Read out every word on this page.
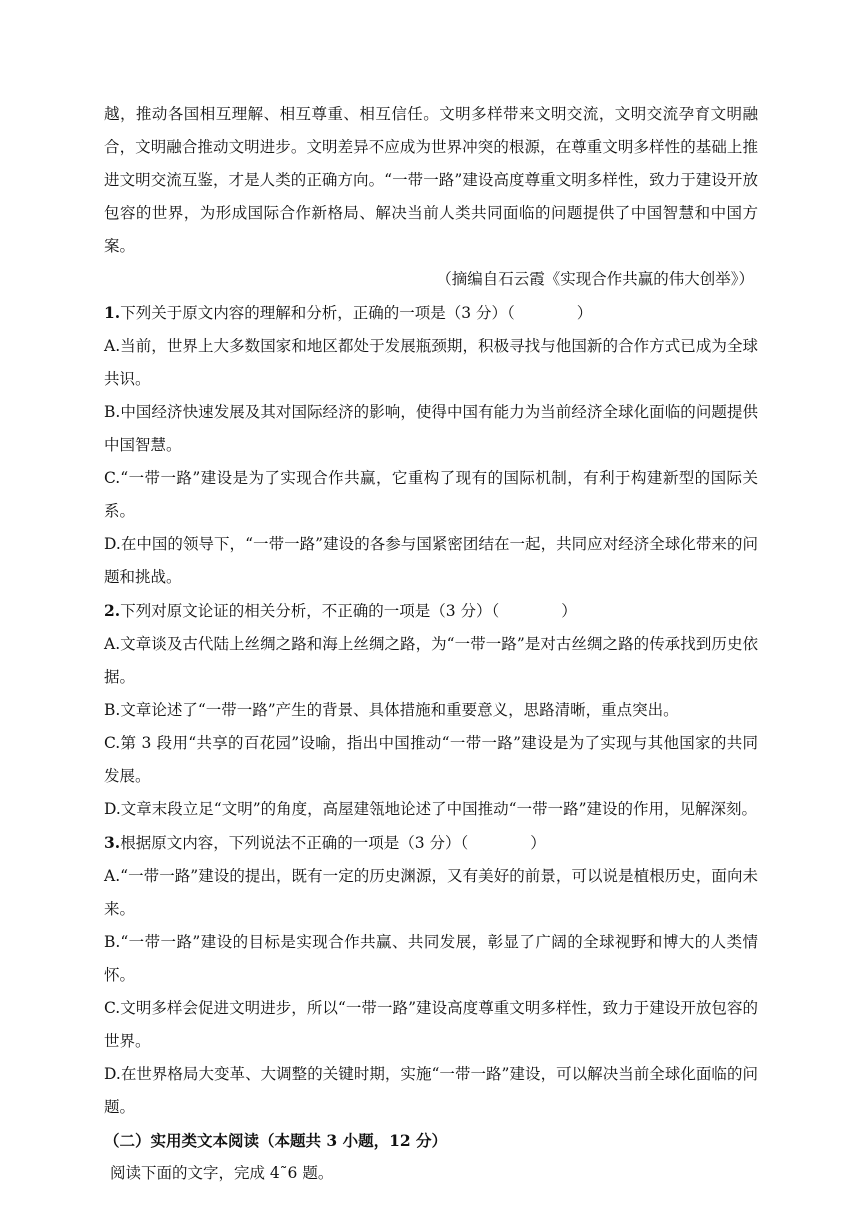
越，推动各国相互理解、相互尊重、相互信任。文明多样带来文明交流，文明交流孕育文明融合，文明融合推动文明进步。文明差异不应成为世界冲突的根源，在尊重文明多样性的基础上推进文明交流互鉴，才是人类的正确方向。“一带一路”建设高度尊重文明多样性，致力于建设开放包容的世界，为形成国际合作新格局、解决当前人类共同面临的问题提供了中国智慧和中国方案。

（摘编自石云霞《实现合作共赢的伟大创举》）

1.下列关于原文内容的理解和分析，正确的一项是（3 分）（	）

A.当前，世界上大多数国家和地区都处于发展瓶颈期，积极寻找与他国新的合作方式已成为全球共识。

B.中国经济快速发展及其对国际经济的影响，使得中国有能力为当前经济全球化面临的问题提供中国智慧。

C.“一带一路”建设是为了实现合作共赢，它重构了现有的国际机制，有利于构建新型的国际关系。

D.在中国的领导下，“一带一路”建设的各参与国紧密团结在一起，共同应对经济全球化带来的问题和挑战。

2.下列对原文论证的相关分析，不正确的一项是（3 分）（	）

A.文章谈及古代陆上丝绸之路和海上丝绸之路，为“一带一路”是对古丝绸之路的传承找到历史依据。

B.文章论述了“一带一路”产生的背景、具体措施和重要意义，思路清晰，重点突出。

C.第 3 段用“共享的百花园”设喻，指出中国推动“一带一路”建设是为了实现与其他国家的共同发展。

D.文章末段立足“文明”的角度，高屋建瓴地论述了中国推动“一带一路”建设的作用，见解深刻。

3.根据原文内容，下列说法不正确的一项是（3 分）（	）

A.“一带一路”建设的提出，既有一定的历史渊源，又有美好的前景，可以说是植根历史，面向未来。

B.“一带一路”建设的目标是实现合作共赢、共同发展，彰显了广阔的全球视野和博大的人类情怀。

C.文明多样会促进文明进步，所以“一带一路”建设高度尊重文明多样性，致力于建设开放包容的世界。

D.在世界格局大变革、大调整的关键时期，实施“一带一路”建设，可以解决当前全球化面临的问题。

（二）实用类文本阅读（本题共 3 小题，12 分）

阅读下面的文字，完成 4˜6 题。
